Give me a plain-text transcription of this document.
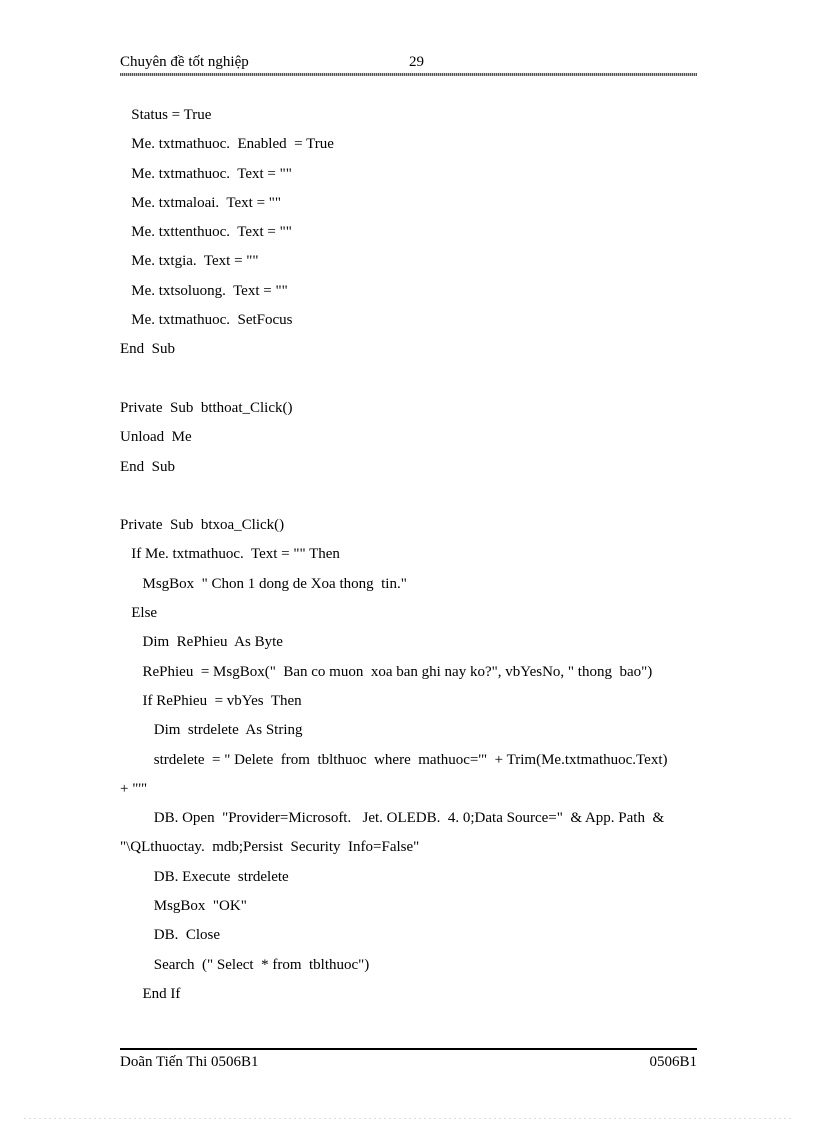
Chuyên đề tốt nghiệp	29
Status = True
Me. txtmathuoc.  Enabled  = True
Me. txtmathuoc.  Text = ""
Me. txtmaloai.  Text = ""
Me. txttenthuoc.  Text = ""
Me. txtgia.  Text = ""
Me. txtsoluong.  Text = ""
Me. txtmathuoc.  SetFocus
End  Sub
Private  Sub  btthoat_Click()
Unload  Me
End  Sub
Private  Sub  btxoa_Click()
If Me. txtmathuoc.  Text = "" Then
MsgBox  " Chon 1 dong de Xoa thong  tin."
Else
Dim  RePhieu  As Byte
RePhieu  = MsgBox("  Ban co muon  xoa ban ghi nay ko?", vbYesNo, " thong  bao")
If RePhieu  = vbYes  Then
Dim  strdelete  As String
strdelete  = " Delete  from  tblthuoc  where  mathuoc='"  + Trim(Me.txtmathuoc.Text)
+ "'"
DB. Open  "Provider=Microsoft.   Jet. OLEDB.  4. 0;Data Source="  & App. Path  &
"\QLthuoctay.  mdb;Persist  Security  Info=False"
DB. Execute  strdelete
MsgBox  "OK"
DB.  Close
Search  (" Select  * from  tblthuoc")
End If
Doãn Tiến Thi 0506B1	0506B1
